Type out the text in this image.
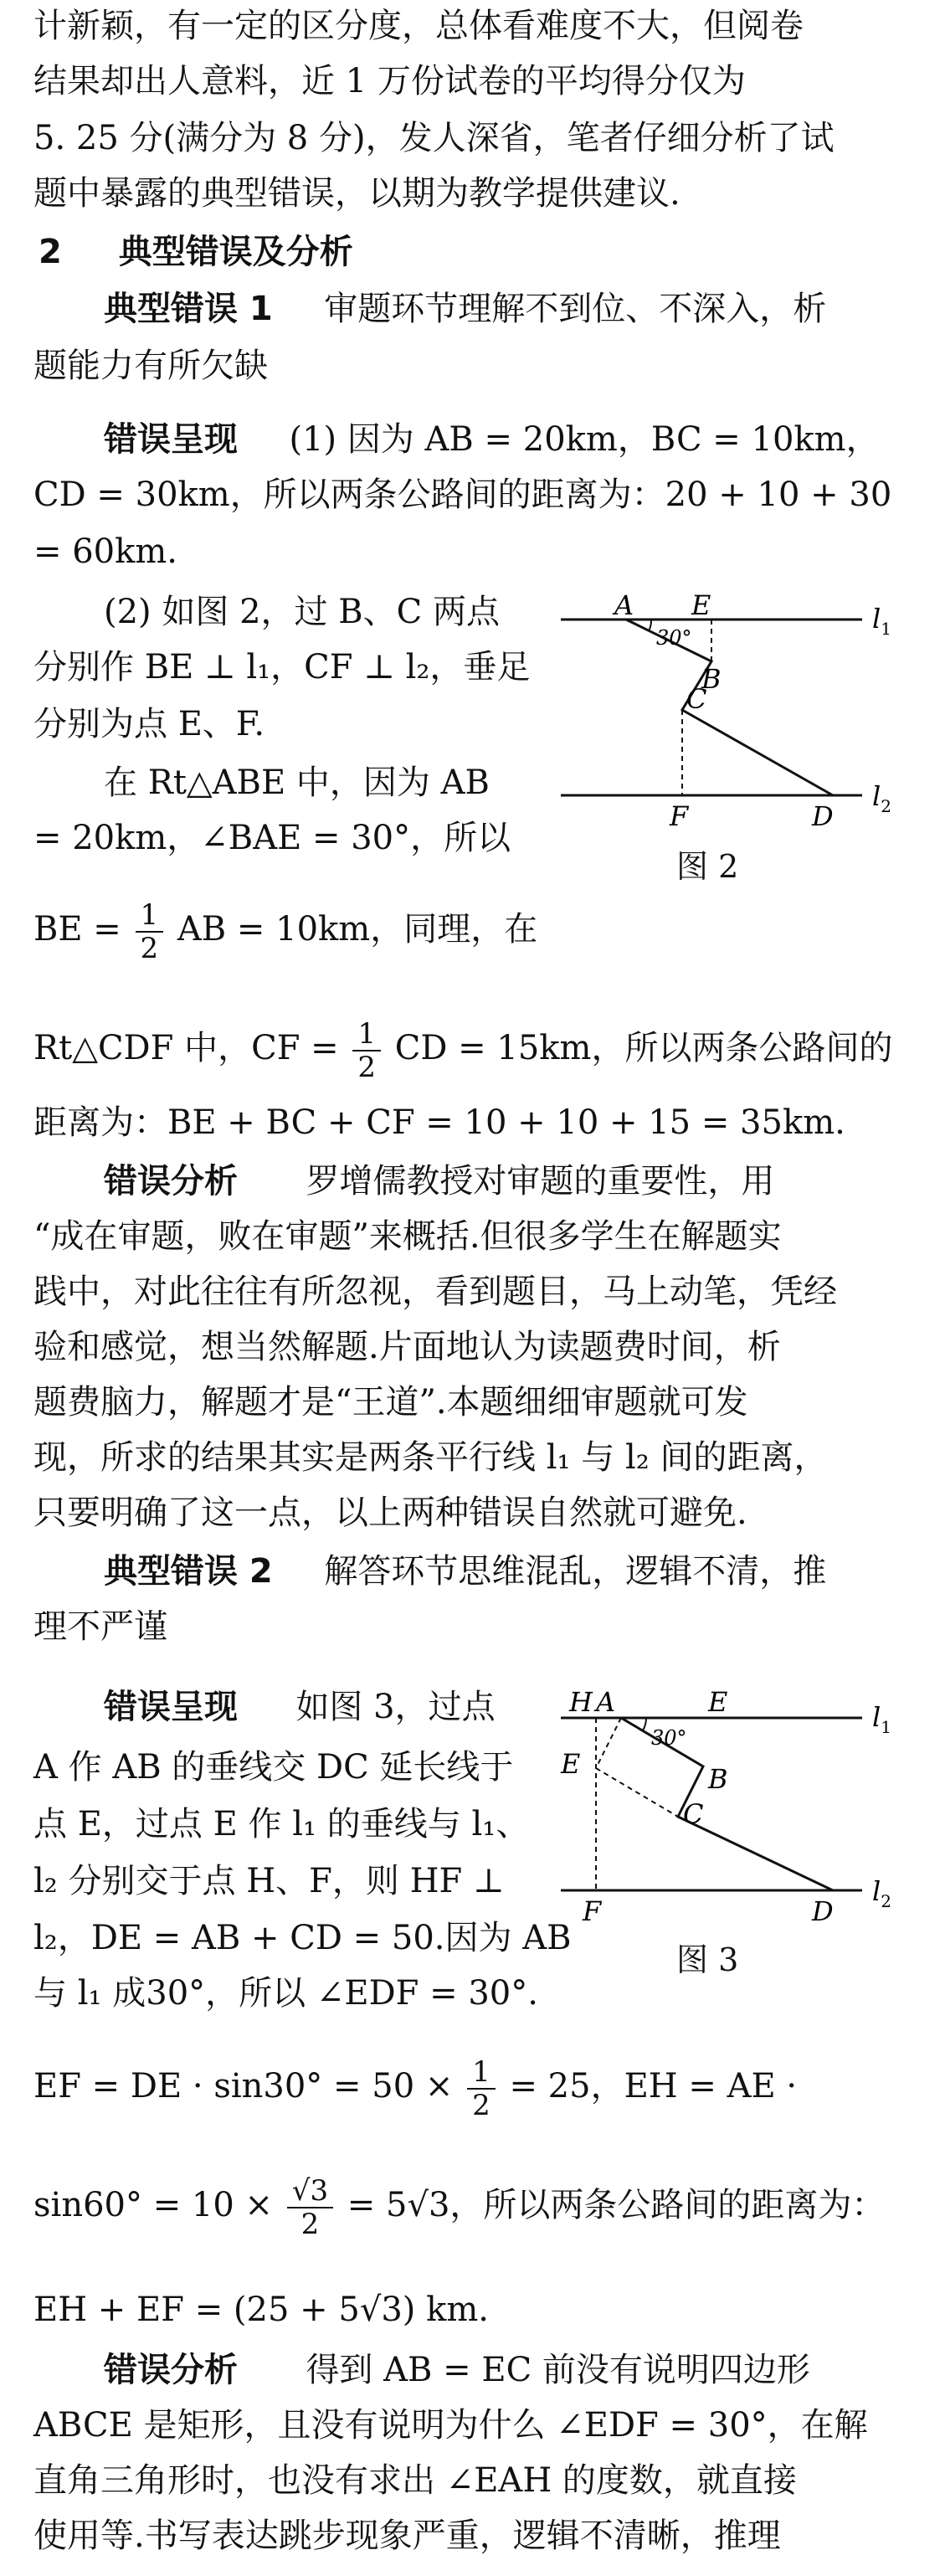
计新颖，有一定的区分度，总体看难度不大，但阅卷
结果却出人意料，近 1 万份试卷的平均得分仅为
5. 25 分(满分为 8 分)，发人深省，笔者仔细分析了试
题中暴露的典型错误，以期为教学提供建议.
2 典型错误及分析
典型错误 1 审题环节理解不到位、不深入，析
题能力有所欠缺
错误呈现 (1) 因为 AB = 20km，BC = 10km，
CD = 30km，所以两条公路间的距离为：20 + 10 + 30
= 60km.
(2) 如图 2，过 B、C 两点
分别作 BE ⊥ l₁，CF ⊥ l₂，垂足
分别为点 E、F.
在 Rt△ABE 中，因为 AB
= 20km，∠BAE = 30°，所以
BE = $\frac{1}{2}$ AB = 10km，同理，在
Rt△CDF 中，CF = $\frac{1}{2}$ CD = 15km，所以两条公路间的
距离为：BE + BC + CF = 10 + 10 + 15 = 35km.
错误分析 罗增儒教授对审题的重要性，用
“成在审题，败在审题”来概括.但很多学生在解题实
践中，对此往往有所忽视，看到题目，马上动笔，凭经
验和感觉，想当然解题.片面地认为读题费时间，析
题费脑力，解题才是“王道”.本题细细审题就可发
现，所求的结果其实是两条平行线 l₁ 与 l₂ 间的距离，
只要明确了这一点，以上两种错误自然就可避免.
典型错误 2 解答环节思维混乱，逻辑不清，推
理不严谨
错误呈现 如图 3，过点
A 作 AB 的垂线交 DC 延长线于
点 E，过点 E 作 l₁ 的垂线与 l₁、
l₂ 分别交于点 H、F，则 HF ⊥
l₂，DE = AB + CD = 50.因为 AB
与 l₁ 成30°，所以 ∠EDF = 30°.
EF = DE · $\sin 30^\circ = 50 \times \frac{1}{2} = 25$，EH = AE ·
$\sin 60^\circ = 10 \times \frac{√3}{2} = 5√3$，所以两条公路间的距离为：
EH + EF = (25 + 5√3) km.
错误分析 得到 AB = EC 前没有说明四边形
ABCE 是矩形，且没有说明为什么 ∠EDF = 30°，在解
直角三角形时，也没有求出 ∠EAH 的度数，就直接
使用等.书写表达跳步现象严重，逻辑不清晰，推理
A E
30°
B
C
F	D
$l_1$
$l_2$
图 2
H A	E
30°
E	B
C
F	D
$l_1$
$l_2$
图 3
